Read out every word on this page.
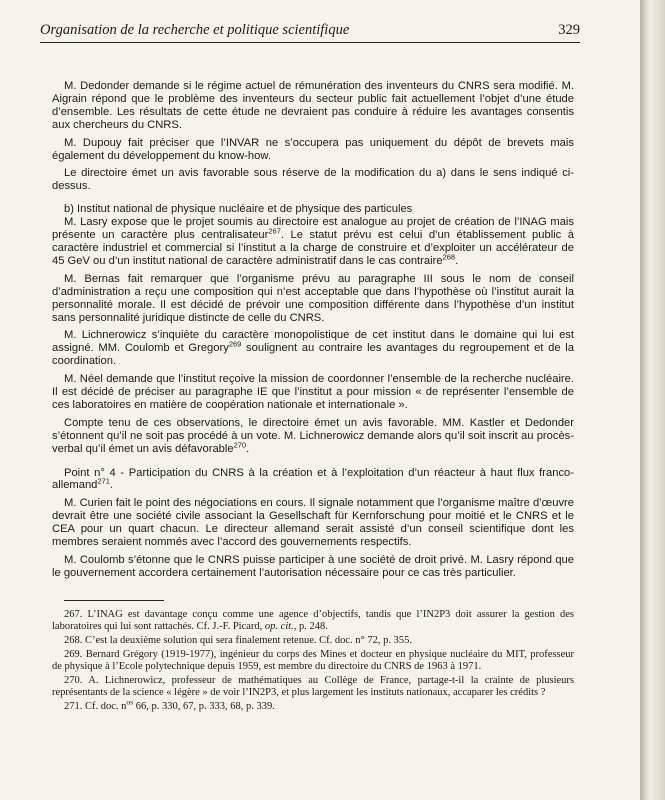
Organisation de la recherche et politique scientifique	329

M. Dedonder demande si le régime actuel de rémunération des inventeurs du CNRS sera modifié. M. Aigrain répond que le problème des inventeurs du secteur public fait actuellement l’objet d’une étude d’ensemble. Les résultats de cette étude ne devraient pas conduire à réduire les avantages consentis aux chercheurs du CNRS.

M. Dupouy fait préciser que l’INVAR ne s’occupera pas uniquement du dépôt de brevets mais également du développement du know-how.

Le directoire émet un avis favorable sous réserve de la modification du a) dans le sens indiqué ci-dessus.

b) Institut national de physique nucléaire et de physique des particules

M. Lasry expose que le projet soumis au directoire est analogue au projet de création de l’INAG mais présente un caractère plus centralisateur$^{267}$. Le statut prévu est celui d’un établissement public à caractère industriel et commercial si l’institut a la charge de construire et d’exploiter un accélérateur de 45 GeV ou d’un institut national de caractère administratif dans le cas contraire$^{268}$.

M. Bernas fait remarquer que l’organisme prévu au paragraphe III sous le nom de conseil d’administration a reçu une composition qui n’est acceptable que dans l’hypothèse où l’institut aurait la personnalité morale. Il est décidé de prévoir une composition différente dans l’hypothèse d’un institut sans personnalité juridique distincte de celle du CNRS.

M. Lichnerowicz s’inquiète du caractère monopolistique de cet institut dans le domaine qui lui est assigné. MM. Coulomb et Gregory$^{269}$ soulignent au contraire les avantages du regroupement et de la coordination.

M. Néel demande que l’institut reçoive la mission de coordonner l’ensemble de la recherche nucléaire. Il est décidé de préciser au paragraphe IE que l’institut a pour mission « de représenter l’ensemble de ces laboratoires en matière de coopération nationale et internationale ».

Compte tenu de ces observations, le directoire émet un avis favorable. MM. Kastler et Dedonder s’étonnent qu’il ne soit pas procédé à un vote. M. Lichnerowicz demande alors qu’il soit inscrit au procès-verbal qu’il émet un avis défavorable$^{270}$.

Point n° 4 - Participation du CNRS à la création et à l’exploitation d’un réacteur à haut flux franco-allemand$^{271}$.

M. Curien fait le point des négociations en cours. Il signale notamment que l’organisme maître d’œuvre devrait être une société civile associant la Gesellschaft für Kernforschung pour moitié et le CNRS et le CEA pour un quart chacun. Le directeur allemand serait assisté d’un conseil scientifique dont les membres seraient nommés avec l’accord des gouvernements respectifs.

M. Coulomb s’étonne que le CNRS puisse participer à une société de droit privé. M. Lasry répond que le gouvernement accordera certainement l’autorisation nécessaire pour ce cas très particulier.

267. L’INAG est davantage conçu comme une agence d’objectifs, tandis que l’IN2P3 doit assurer la gestion des laboratoires qui lui sont rattachés. Cf. J.-F. Picard, op. cit., p. 248.

268. C’est la deuxième solution qui sera finalement retenue. Cf. doc. n° 72, p. 355.

269. Bernard Grégory (1919-1977), ingénieur du corps des Mines et docteur en physique nucléaire du MIT, professeur de physique à l’Ecole polytechnique depuis 1959, est membre du directoire du CNRS de 1963 à 1971.

270. A. Lichnerowicz, professeur de mathématiques au Collège de France, partage-t-il la crainte de plusieurs représentants de la science « légère » de voir l’IN2P3, et plus largement les instituts nationaux, accaparer les crédits ?

271. Cf. doc. $n^{os}$ 66, p. 330, 67, p. 333, 68, p. 339.
